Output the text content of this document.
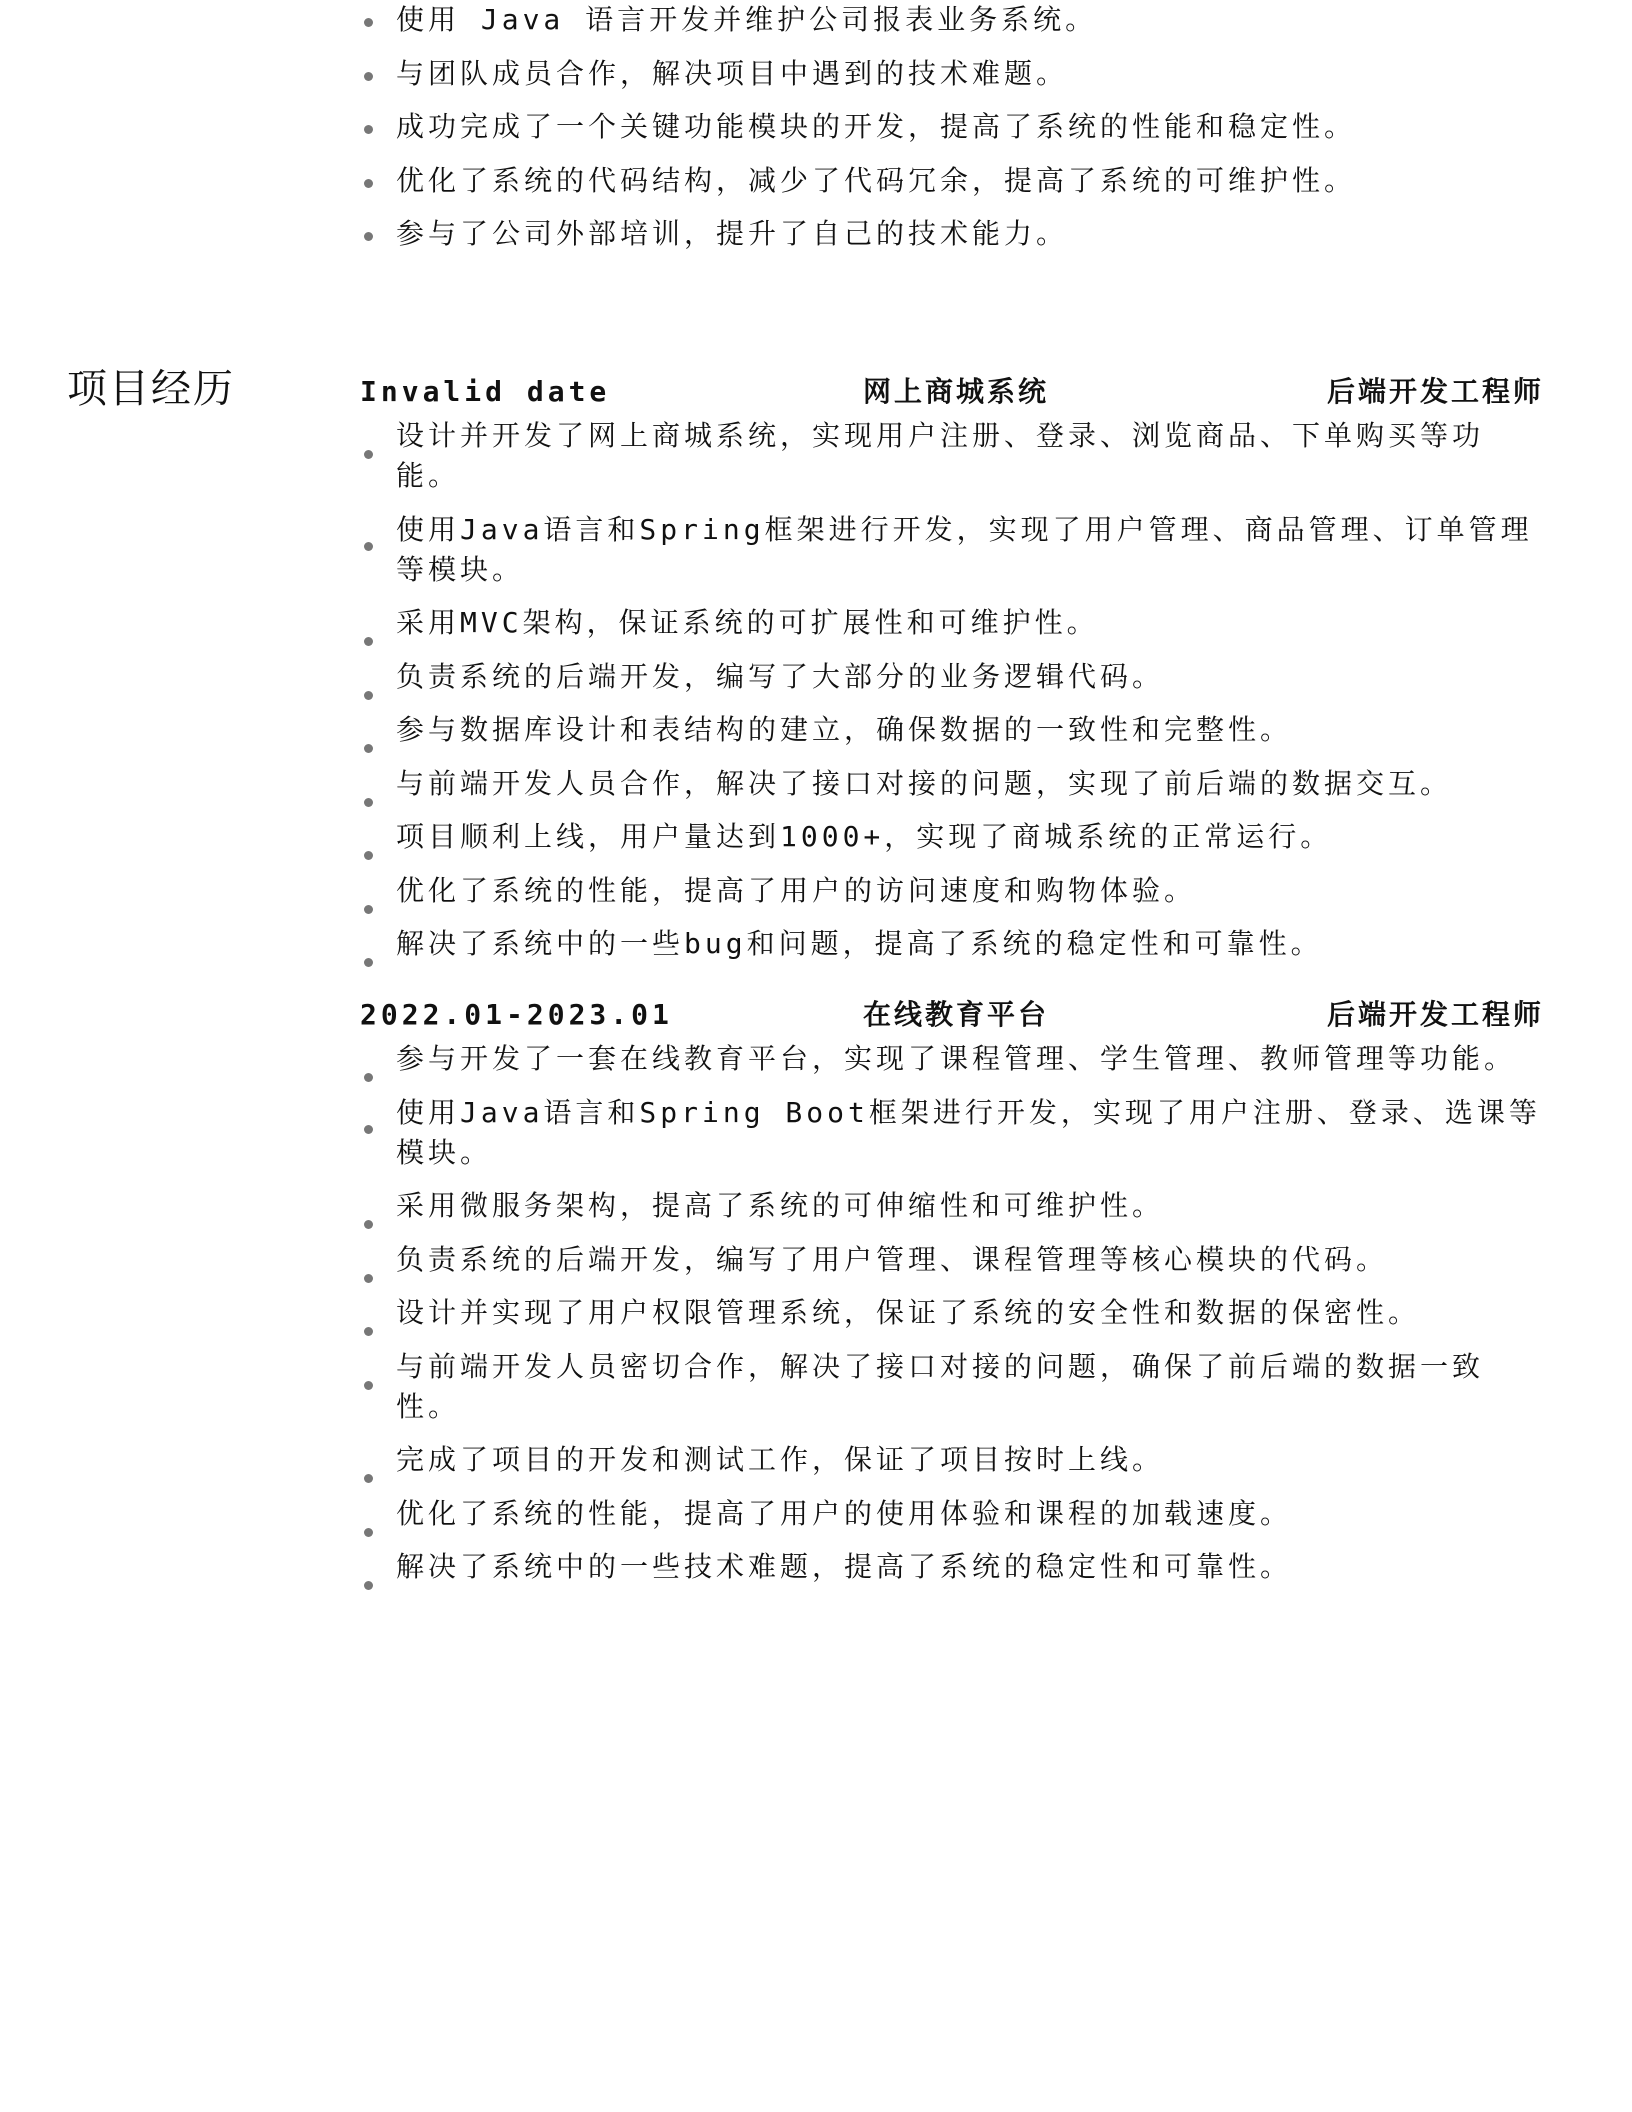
使用 Java 语言开发并维护公司报表业务系统。
与团队成员合作，解决项目中遇到的技术难题。
成功完成了一个关键功能模块的开发，提高了系统的性能和稳定性。
优化了系统的代码结构，减少了代码冗余，提高了系统的可维护性。
参与了公司外部培训，提升了自己的技术能力。
项目经历	Invalid date	网上商城系统	后端开发工程师
设计并开发了网上商城系统，实现用户注册、登录、浏览商品、下单购买等功能。
使用Java语言和Spring框架进行开发，实现了用户管理、商品管理、订单管理等模块。
采用MVC架构，保证系统的可扩展性和可维护性。
负责系统的后端开发，编写了大部分的业务逻辑代码。
参与数据库设计和表结构的建立，确保数据的一致性和完整性。
与前端开发人员合作，解决了接口对接的问题，实现了前后端的数据交互。
项目顺利上线，用户量达到1000+，实现了商城系统的正常运行。
优化了系统的性能，提高了用户的访问速度和购物体验。
解决了系统中的一些bug和问题，提高了系统的稳定性和可靠性。
2022.01-2023.01	在线教育平台	后端开发工程师
参与开发了一套在线教育平台，实现了课程管理、学生管理、教师管理等功能。
使用Java语言和Spring Boot框架进行开发，实现了用户注册、登录、选课等模块。
采用微服务架构，提高了系统的可伸缩性和可维护性。
负责系统的后端开发，编写了用户管理、课程管理等核心模块的代码。
设计并实现了用户权限管理系统，保证了系统的安全性和数据的保密性。
与前端开发人员密切合作，解决了接口对接的问题，确保了前后端的数据一致性。
完成了项目的开发和测试工作，保证了项目按时上线。
优化了系统的性能，提高了用户的使用体验和课程的加载速度。
解决了系统中的一些技术难题，提高了系统的稳定性和可靠性。
